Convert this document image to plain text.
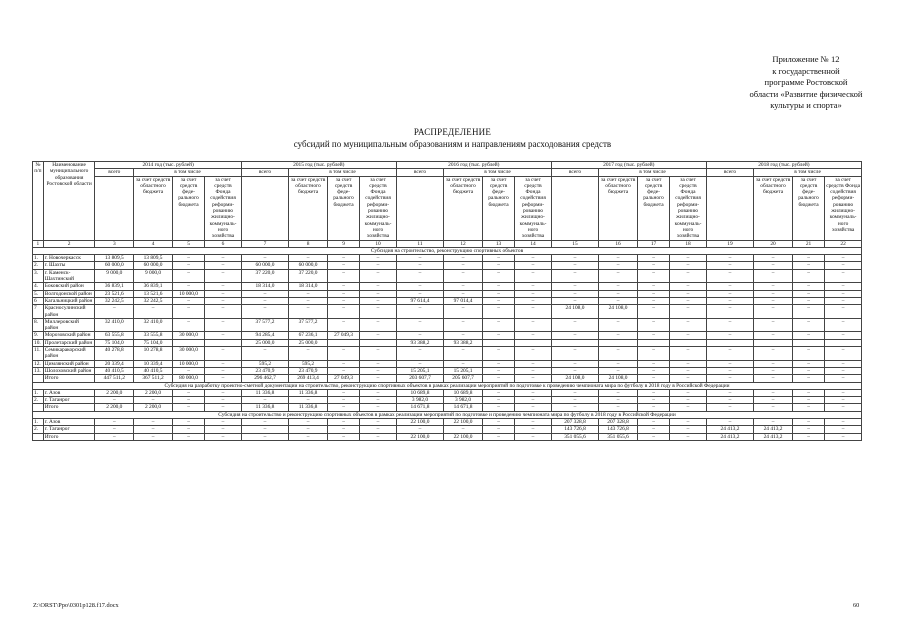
Приложение № 12
к государственной
программе Ростовской
области «Развитие физической
культуры и спорта»
РАСПРЕДЕЛЕНИЕ
субсидий по муниципальным образованиям и направлениям расходования средств
№
п/п	Наименование муниципального образования Ростовской области	2014 год (тыс. рублей)				2015 год (тыс. рублей)				2016 год (тыс. рублей)				2017 год (тыс. рублей)				2018 год (тыс. рублей)			
		всего	в том числе			всего	в том числе			всего	в том числе			всего	в том числе			всего	в том числе		
			за счет средств областного бюджета	за счет средств феде-рального бюджета	за счет средств Фонда содействия реформи-рованию жилищно-коммуналь-ного хозяйства		за счет средств областного бюджета	за счет средств феде-рального бюджета	за счет средств Фонда содействия реформи-рованию жилищно-коммуналь-ного хозяйства		за счет средств областного бюджета	за счет средств феде-рального бюджета	за счет средств Фонда содействия реформи-рованию жилищно-коммуналь-ного хозяйства		за счет средств областного бюджета	за счет средств феде-рального бюджета	за счет средств Фонда содействия реформи-рованию жилищно-коммуналь-ного хозяйства		за счет средств областного бюджета	за счет средств феде-рального бюджета	за счет средств Фонда содействия реформи-рованию жилищно-коммуналь-ного хозяйства
1	2	3	4	5	6	7	8	9	10	11	12	13	14	15	16	17	18	19	20	21	22
Субсидия на строительство, реконструкцию спортивных объектов																					
1.	г. Новочеркасск	13 809,5	13 809,5	–	–	–	–	–	–	–	–	–	–	–	–	–	–	–	–	–	–
2.	г. Шахты	60 000,0	60 000,0	–	–	60 000,0	60 000,0	–	–	–	–	–	–	–	–	–	–	–	–	–	–
3.	г. Каменск-Шахтинский	9 000,0	9 000,0	–	–	37 220,0	37 220,0	–	–	–	–	–	–	–	–	–	–	–	–	–	–
4.	Боковский район	36 839,1	36 839,1	–	–	18 314,0	18 314,0	–	–	–	–	–	–	–	–	–	–	–	–	–	–
5.	Волгодонской район	23 521,6	13 521,6	10 000,0	–	–	–	–	–	–	–	–	–	–	–	–	–	–	–	–	–
6	Кагальницкий район	32 242,5	32 242,5	–	–	–	–	–	–	97 614,4	97 014,4	–	–	–	–	–	–	–	–	–	–
7	Красносулинский район	–	–	–	–	–	–	–	–	–	–	–	–	24 108,0	24 108,0	–	–	–	–	–	–
8.	Миллеровский район	32 410,0	32 410,0	–	–	37 577,2	37 577,2	–	–	–	–	–	–	–	–	–	–	–	–	–	–
9.	Морозовский район	63 555,8	33 555,8	30 000,0	–	94 285,4	67 236,1	27 049,3	–	–	–	–	–	–	–	–	–	–	–	–	–
10.	Пролетарский район	75 104,0	75 104,0			25 000,0	25 000,0			93 388,2	93 388,2										
11.	Семикаракорский район	40 278,8	10 278,8	30 000,0	–	–	–	–	–	–	–	–	–	–	–	–	–	–	–	–	–
12.	Цимлянский район	20 339,4	10 339,4	10 000,0	–	595,2	595,2	–	–	–	–	–	–	–	–	–	–	–	–	–	–
13.	Шолоховский район	40 410,5	40 410,5	–	–	23 470,9	23 470,9	–	–	15 205,1	15 205,1	–	–	–	–	–	–	–	–	–	–
	Итого	447 511,2	367 511,2	80 000,0	–	296 462,7	269 413,4	27 049,3	–	203 607,7	205 607,7	–	–	24 108,0	24 108,0	–	–	–	–	–	–
Субсидия на разработку проектно-сметной документации на строительство, реконструкцию спортивных объектов в рамках реализации мероприятий по подготовке к проведению чемпионата мира по футболу в 2018 году в Российской Федерации																					
1.	г. Азов	2 200,0	2 200,0	–	–	11 336,8	11 336,8	–	–	10 689,8	10 689,8	–	–	–	–	–	–	–	–	–	–
2.	г. Таганрог	–	–	–	–	–	–	–	–	3 982,0	3 982,0	–	–	–	–	–	–	–	–	–	–
	Итого	2 200,0	2 200,0	–	–	11 336,8	11 336,8	–	–	14 671,8	14 671,8	–	–	–	–	–	–	–	–	–	–
Субсидия на строительство и реконструкцию спортивных объектов в рамках реализации мероприятий по подготовке и проведению чемпионата мира по футболу в 2018 году в Российской Федерации																					
1.	г. Азов	–	–	–	–	–	–	–	–	22 100,0	22 100,0	–	–	207 328,8	207 328,8	–	–	–	–	–	–
2.	г. Таганрог	–	–	–	–	–	–	–	–	–	–	–	–	143 726,8	143 726,8	–	–	24 413,2	24 413,2	–	–
	Итого	–	–	–	–	–	–	–	–	22 100,0	22 100,0	–	–	351 055,6	351 055,6	–	–	24 413,2	24 413,2	–	–
Z:\ORST\Ppo\0301p128.f17.docx	60
